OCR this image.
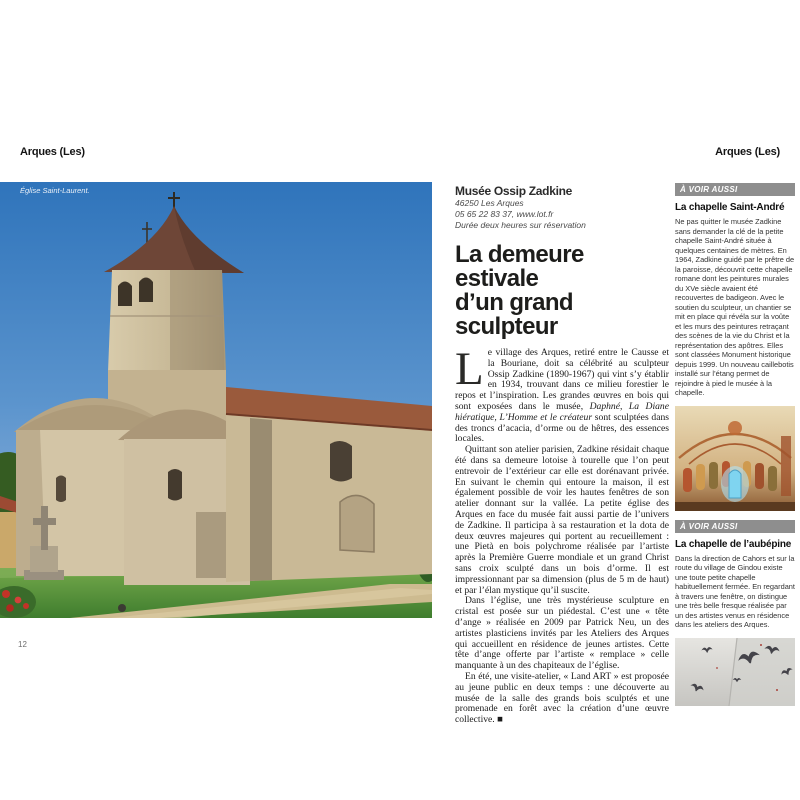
Arques (Les)	Arques (Les)
Église Saint-Laurent.
12
Musée Ossip Zadkine
46250 Les Arques
05 65 22 83 37, www.lot.fr
Durée deux heures sur réservation
La demeure estivale
d’un grand sculpteur

Le village des Arques, retiré entre le Causse et la Bouriane, doit sa célébrité au sculpteur Ossip Zadkine (1890-1967) qui vint s’y établir en 1934, trouvant dans ce milieu forestier le repos et l’inspiration. Les grandes œuvres en bois qui sont exposées dans le musée, Daphné, La Diane hiératique, L’Homme et le créateur sont sculptées dans des troncs d’acacia, d’orme ou de hêtres, des essences locales.

Quittant son atelier parisien, Zadkine résidait chaque été dans sa demeure lotoise à tourelle que l’on peut entrevoir de l’extérieur car elle est dorénavant privée. En suivant le chemin qui entoure la maison, il est également possible de voir les hautes fenêtres de son atelier donnant sur la vallée. La petite église des Arques en face du musée fait aussi partie de l’univers de Zadkine. Il participa à sa restauration et la dota de deux œuvres majeures qui portent au recueillement : une Pietà en bois polychrome réalisée par l’artiste après la Première Guerre mondiale et un grand Christ sans croix sculpté dans un bois d’orme. Il est impressionnant par sa dimension (plus de 5 m de haut) et par l’élan mystique qu’il suscite.

Dans l’église, une très mystérieuse sculpture en cristal est posée sur un piédestal. C’est une « tête d’ange » réalisée en 2009 par Patrick Neu, un des artistes plasticiens invités par les Ateliers des Arques qui accueillent en résidence de jeunes artistes. Cette tête d’ange offerte par l’artiste « remplace » celle manquante à un des chapiteaux de l’église.

En été, une visite-atelier, « Land ART » est proposée au jeune public en deux temps : une découverte au musée de la salle des grands bois sculptés et une promenade en forêt avec la création d’une œuvre collective. ■

À VOIR AUSSI
La chapelle Saint-André

Ne pas quitter le musée Zadkine sans demander la clé de la petite chapelle Saint-André située à quelques centaines de mètres. En 1964, Zadkine guidé par le prêtre de la paroisse, découvrit cette chapelle romane dont les peintures murales du XVe siècle avaient été recouvertes de badigeon. Avec le soutien du sculpteur, un chantier se mit en place qui révéla sur la voûte et les murs des peintures retraçant des scènes de la vie du Christ et la représentation des apôtres. Elles sont classées Monument historique depuis 1999. Un nouveau caillebotis installé sur l’étang permet de rejoindre à pied le musée à la chapelle.

À VOIR AUSSI
La chapelle de l’aubépine

Dans la direction de Cahors et sur la route du village de Gindou existe une toute petite chapelle habituellement fermée. En regardant à travers une fenêtre, on distingue une très belle fresque réalisée par un des artistes venus en résidence dans les ateliers des Arques.
